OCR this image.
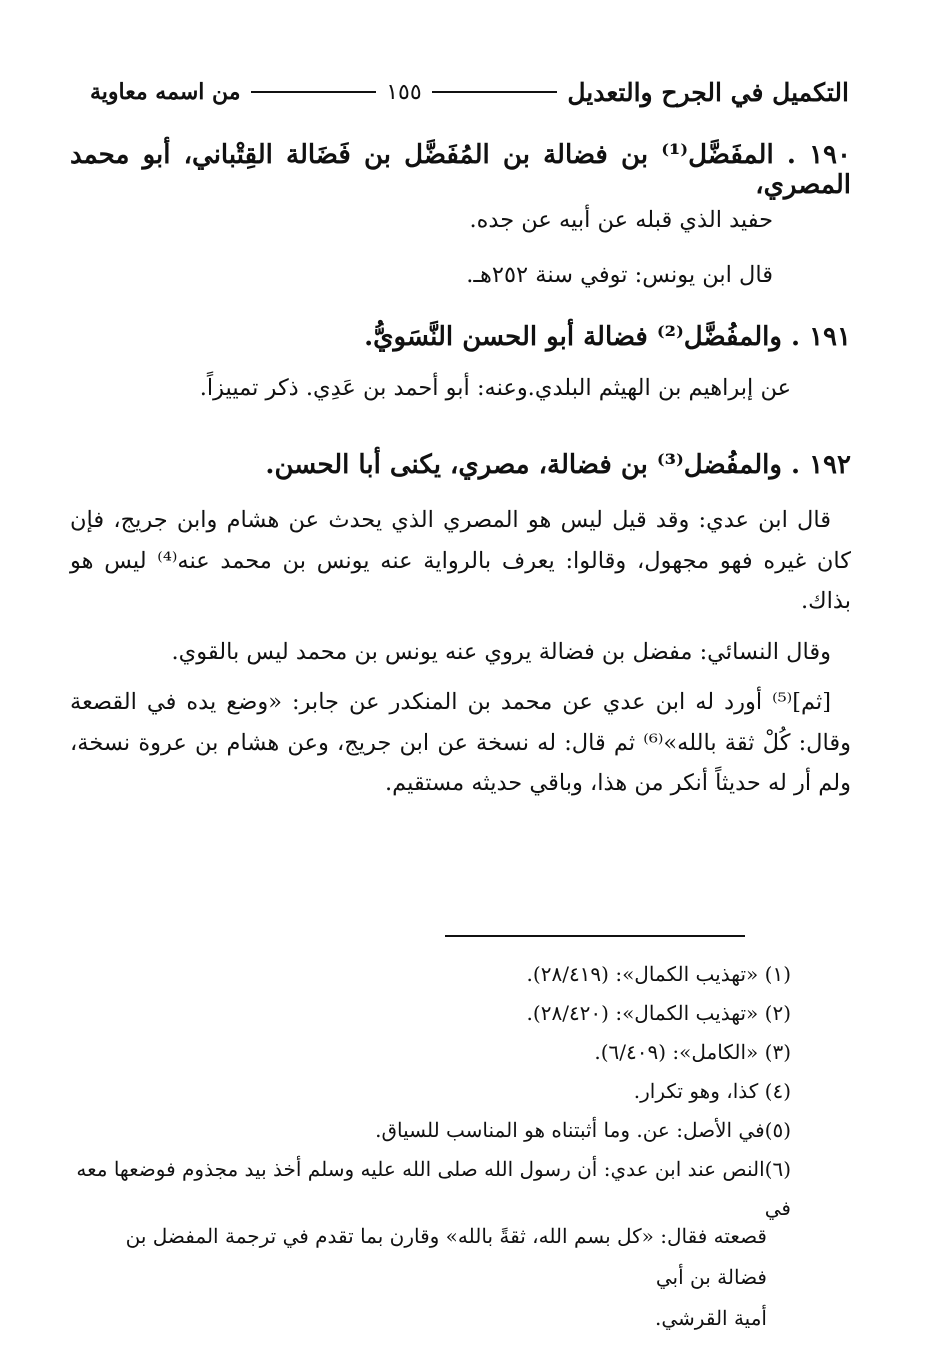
التكميل في الجرح والتعديل
١٥٥
من اسمه معاوية
١٩٠ . المفَضَّل⁽¹⁾ بن فضالة بن المُفَضَّل بن فَضَالة القِتْباني، أبو محمد المصري،
حفيد الذي قبله عن أبيه عن جده.
قال ابن يونس: توفي سنة ٢٥٢هـ.
١٩١ . والمفُضَّل⁽²⁾ فضالة أبو الحسن النَّسَويُّ.
عن إبراهيم بن الهيثم البلدي.وعنه: أبو أحمد بن عَدِي. ذكر تمييزاً.
١٩٢ . والمفُضل⁽³⁾ بن فضالة، مصري، يكنى أبا الحسن.
قال ابن عدي: وقد قيل ليس هو المصري الذي يحدث عن هشام وابن جريج، فإن كان غيره فهو مجهول، وقالوا: يعرف بالرواية عنه يونس بن محمد عنه⁽⁴⁾ ليس هو بذاك.
وقال النسائي: مفضل بن فضالة يروي عنه يونس بن محمد ليس بالقوي.
[ثم]⁽⁵⁾ أورد له ابن عدي عن محمد بن المنكدر عن جابر: «وضع يده في القصعة وقال: كُلْ ثقة بالله»⁽⁶⁾ ثم قال: له نسخة عن ابن جريج، وعن هشام بن عروة نسخة، ولم أر له حديثاً أنكر من هذا، وباقي حديثه مستقيم.
(١) «تهذيب الكمال»: (٢٨/٤١٩).
(٢) «تهذيب الكمال»: (٢٨/٤٢٠).
(٣) «الكامل»: (٦/٤٠٩).
(٤) كذا، وهو تكرار.
(٥)في الأصل: عن. وما أثبتناه هو المناسب للسياق.
(٦)النص عند ابن عدي: أن رسول الله صلى الله عليه وسلم أخذ بيد مجذوم فوضعها معه في
قصعته فقال: «كل بسم الله، ثقةً بالله» وقارن بما تقدم في ترجمة المفضل بن فضالة بن أبي
أمية القرشي.
